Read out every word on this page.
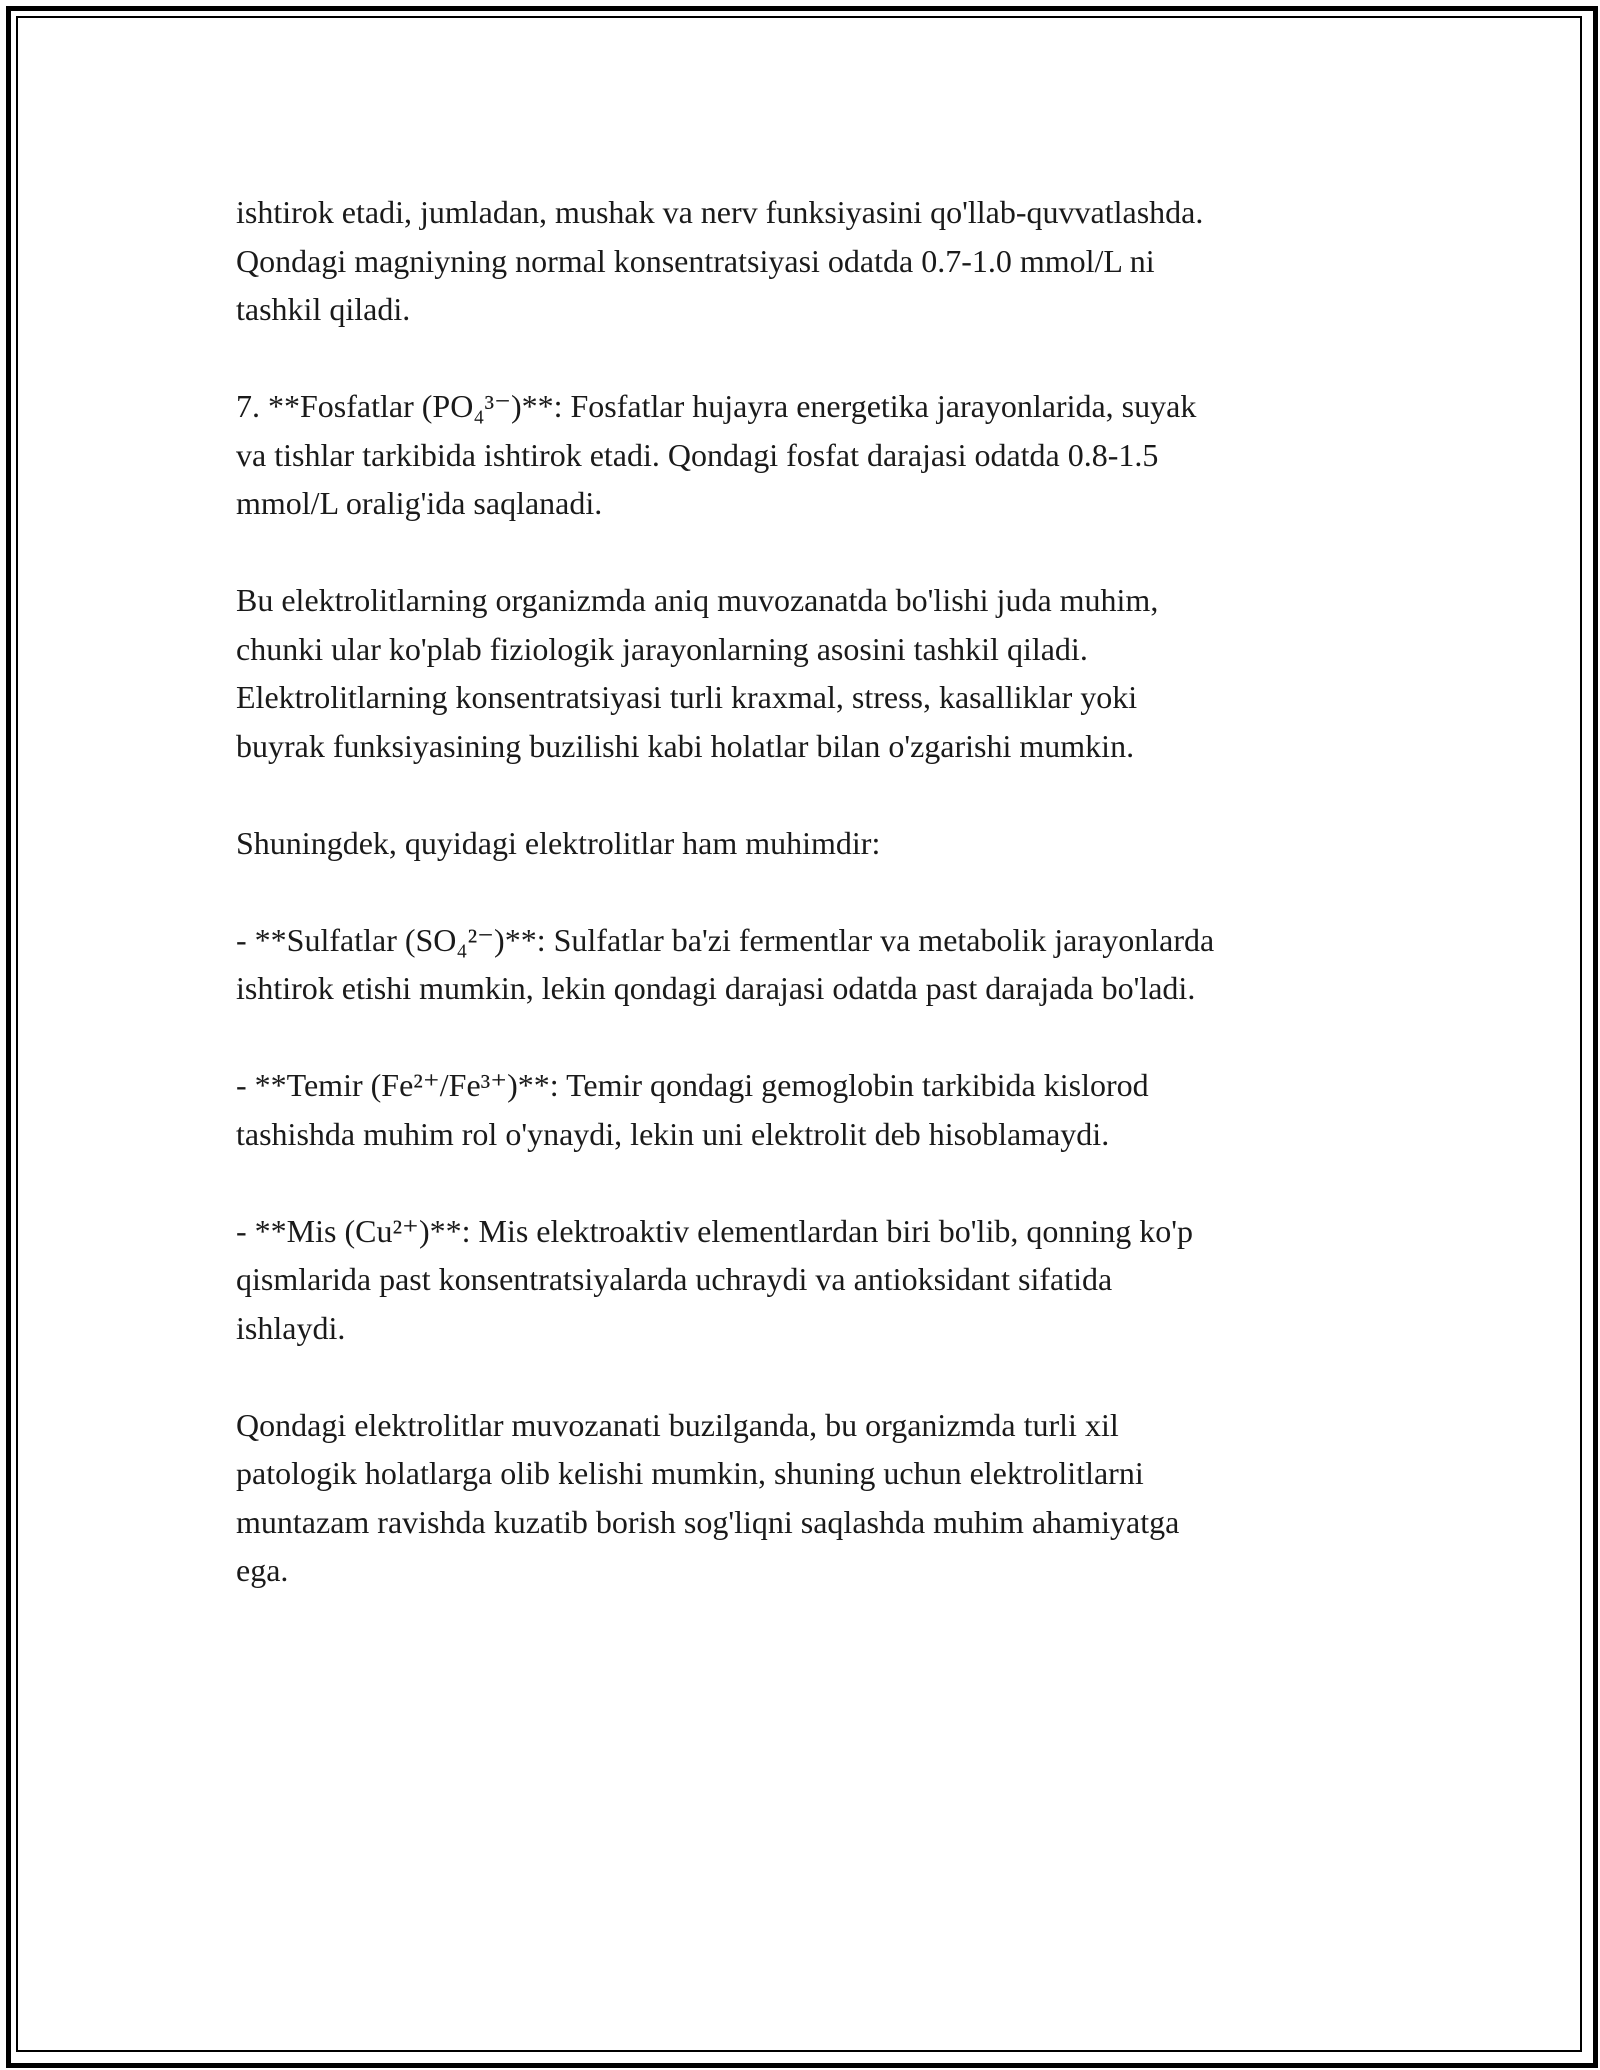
ishtirok etadi, jumladan, mushak va nerv funksiyasini qo'llab-quvvatlashda.
Qondagi magniyning normal konsentratsiyasi odatda 0.7-1.0 mmol/L ni
tashkil qiladi.

7. **Fosfatlar (PO₄³⁻)**: Fosfatlar hujayra energetika jarayonlarida, suyak
va tishlar tarkibida ishtirok etadi. Qondagi fosfat darajasi odatda 0.8-1.5
mmol/L oralig'ida saqlanadi.

Bu elektrolitlarning organizmda aniq muvozanatda bo'lishi juda muhim,
chunki ular ko'plab fiziologik jarayonlarning asosini tashkil qiladi.
Elektrolitlarning konsentratsiyasi turli kraxmal, stress, kasalliklar yoki
buyrak funksiyasining buzilishi kabi holatlar bilan o'zgarishi mumkin.

Shuningdek, quyidagi elektrolitlar ham muhimdir:

- **Sulfatlar (SO₄²⁻)**: Sulfatlar ba'zi fermentlar va metabolik jarayonlarda
ishtirok etishi mumkin, lekin qondagi darajasi odatda past darajada bo'ladi.

- **Temir (Fe²⁺/Fe³⁺)**: Temir qondagi gemoglobin tarkibida kislorod
tashishda muhim rol o'ynaydi, lekin uni elektrolit deb hisoblamaydi.

- **Mis (Cu²⁺)**: Mis elektroaktiv elementlardan biri bo'lib, qonning ko'p
qismlarida past konsentratsiyalarda uchraydi va antioksidant sifatida
ishlaydi.

Qondagi elektrolitlar muvozanati buzilganda, bu organizmda turli xil
patologik holatlarga olib kelishi mumkin, shuning uchun elektrolitlarni
muntazam ravishda kuzatib borish sog'liqni saqlashda muhim ahamiyatga
ega.
